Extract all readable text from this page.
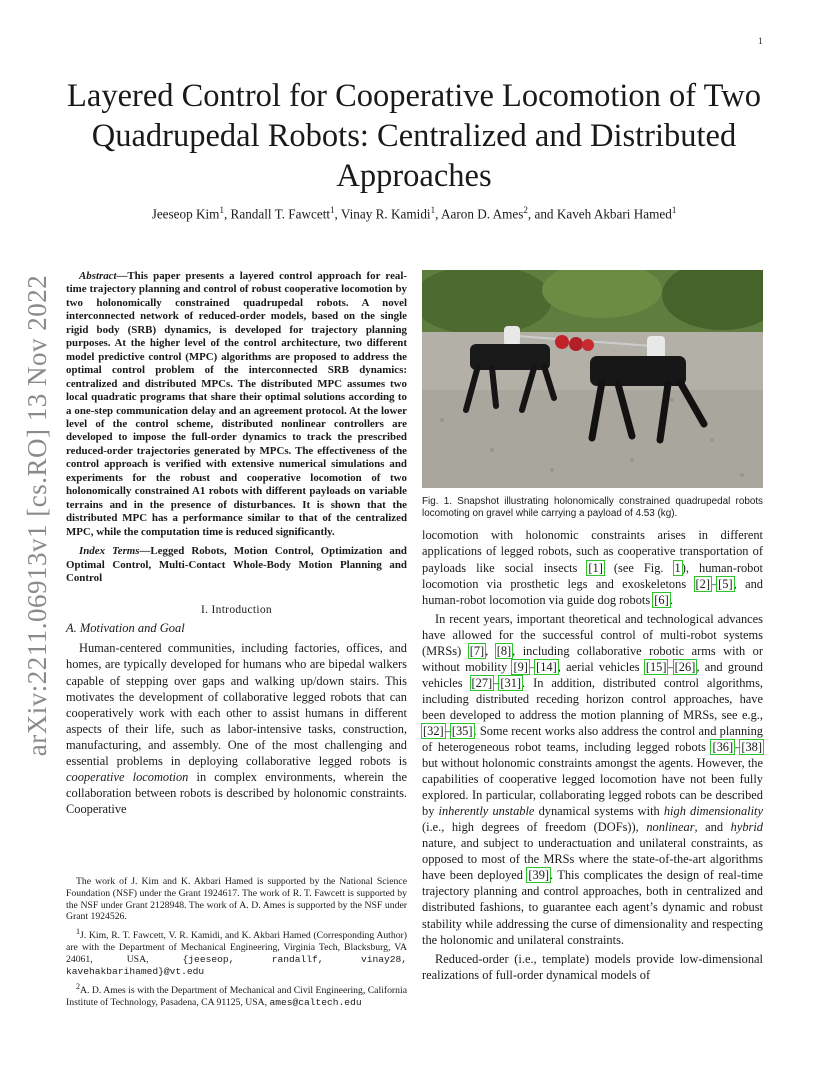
1
arXiv:2211.06913v1 [cs.RO] 13 Nov 2022
Layered Control for Cooperative Locomotion of Two Quadrupedal Robots: Centralized and Distributed Approaches
Jeeseop Kim$^1$, Randall T. Fawcett$^1$, Vinay R. Kamidi$^1$, Aaron D. Ames$^2$, and Kaveh Akbari Hamed$^1$

Abstract—This paper presents a layered control approach for real-time trajectory planning and control of robust cooperative locomotion by two holonomically constrained quadrupedal robots. A novel interconnected network of reduced-order models, based on the single rigid body (SRB) dynamics, is developed for trajectory planning purposes. At the higher level of the control architecture, two different model predictive control (MPC) algorithms are proposed to address the optimal control problem of the interconnected SRB dynamics: centralized and distributed MPCs. The distributed MPC assumes two local quadratic programs that share their optimal solutions according to a one-step communication delay and an agreement protocol. At the lower level of the control scheme, distributed nonlinear controllers are developed to impose the full-order dynamics to track the prescribed reduced-order trajectories generated by MPCs. The effectiveness of the control approach is verified with extensive numerical simulations and experiments for the robust and cooperative locomotion of two holonomically constrained A1 robots with different payloads on variable terrains and in the presence of disturbances. It is shown that the distributed MPC has a performance similar to that of the centralized MPC, while the computation time is reduced significantly.

Index Terms—Legged Robots, Motion Control, Optimization and Optimal Control, Multi-Contact Whole-Body Motion Planning and Control

I. Introduction
A. Motivation and Goal

Human-centered communities, including factories, offices, and homes, are typically developed for humans who are bipedal walkers capable of stepping over gaps and walking up/down stairs. This motivates the development of collaborative legged robots that can cooperatively work with each other to assist humans in different aspects of their life, such as labor-intensive tasks, construction, manufacturing, and assembly. One of the most challenging and essential problems in deploying collaborative legged robots is cooperative locomotion in complex environments, wherein the collaboration between robots is described by holonomic constraints. Cooperative

The work of J. Kim and K. Akbari Hamed is supported by the National Science Foundation (NSF) under the Grant 1924617. The work of R. T. Fawcett is supported by the NSF under Grant 2128948. The work of A. D. Ames is supported by the NSF under Grant 1924526.

$^1$J. Kim, R. T. Fawcett, V. R. Kamidi, and K. Akbari Hamed (Corresponding Author) are with the Department of Mechanical Engineering, Virginia Tech, Blacksburg, VA 24061, USA, {jeeseop, randallf, vinay28, kavehakbarihamed}@vt.edu

$^2$A. D. Ames is with the Department of Mechanical and Civil Engineering, California Institute of Technology, Pasadena, CA 91125, USA, ames@caltech.edu

Fig. 1. Snapshot illustrating holonomically constrained quadrupedal robots locomoting on gravel while carrying a payload of 4.53 (kg).

locomotion with holonomic constraints arises in different applications of legged robots, such as cooperative transportation of payloads like social insects [1] (see Fig. 1), human-robot locomotion via prosthetic legs and exoskeletons [2]–[5], and human-robot locomotion via guide dog robots [6].

In recent years, important theoretical and technological advances have allowed for the successful control of multi-robot systems (MRSs) [7], [8], including collaborative robotic arms with or without mobility [9]–[14], aerial vehicles [15]–[26], and ground vehicles [27]–[31]. In addition, distributed control algorithms, including distributed receding horizon control approaches, have been developed to address the motion planning of MRSs, see e.g., [32]–[35]. Some recent works also address the control and planning of heterogeneous robot teams, including legged robots [36]–[38] but without holonomic constraints amongst the agents. However, the capabilities of cooperative legged locomotion have not been fully explored. In particular, collaborating legged robots can be described by inherently unstable dynamical systems with high dimensionality (i.e., high degrees of freedom (DOFs)), nonlinear, and hybrid nature, and subject to underactuation and unilateral constraints, as opposed to most of the MRSs where the state-of-the-art algorithms have been deployed [39]. This complicates the design of real-time trajectory planning and control approaches, both in centralized and distributed fashions, to guarantee each agent’s dynamic and robust stability while addressing the curse of dimensionality and respecting the holonomic and unilateral constraints.

Reduced-order (i.e., template) models provide low-dimensional realizations of full-order dynamical models of
